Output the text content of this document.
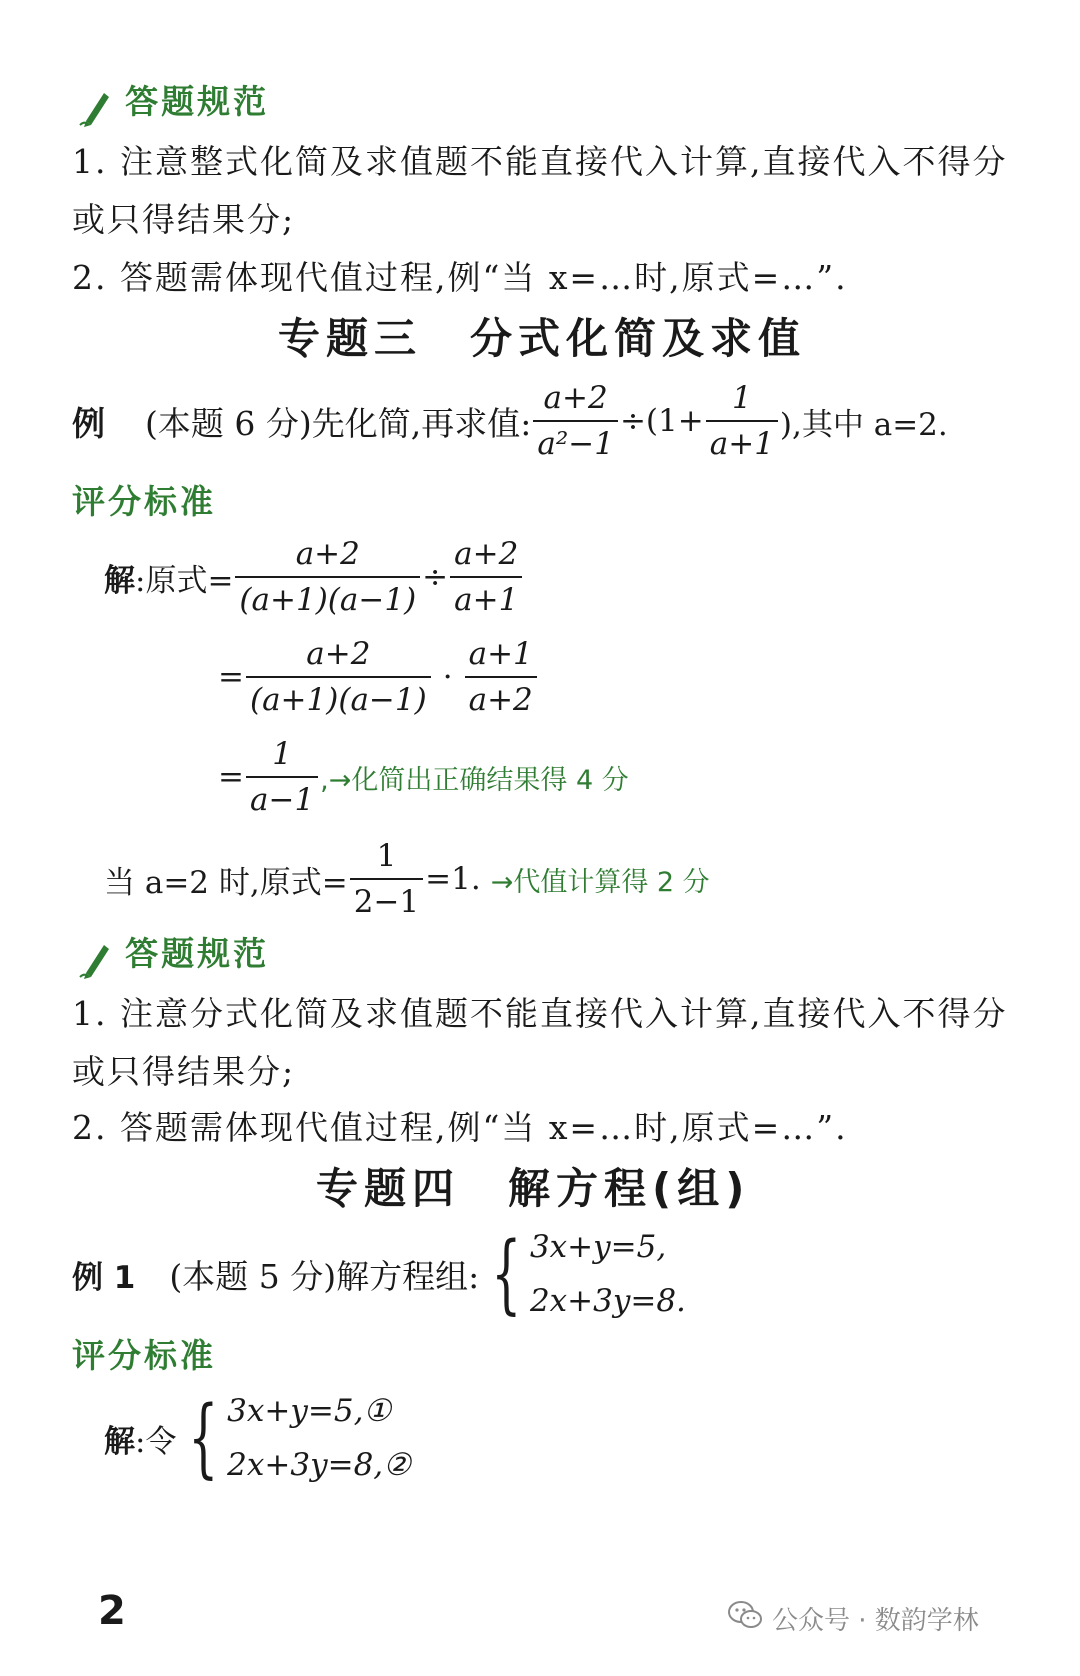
答题规范
1. 注意整式化简及求值题不能直接代入计算,直接代入不得分
或只得结果分;
2. 答题需体现代值过程,例“当 x=…时,原式=…”.
专题三　分式化简及求值
例 (本题 6 分)先化简,再求值: $\frac{a+2}{\text{a²−1}} \div(1+ \frac{1}{a+1}$ ),其中 a=2.
评分标准
解 :原式= $\frac{a+2}{(a+1)(a-1)} \div \frac{a+2}{a+1}$
= $\frac{a+2}{(a+1)(a-1)} \cdot \frac{a+1}{a+2}$
= $\frac{1}{a-1}$ ,→化简出正确结果得 4 分
当 a=2 时,原式= $\frac{1}{2-1} =1$. →代值计算得 2 分
答题规范
1. 注意分式化简及求值题不能直接代入计算,直接代入不得分
或只得结果分;
2. 答题需体现代值过程,例“当 x=…时,原式=…”.
专题四　解方程(组)
例 1 (本题 5 分)解方程组: { 3x+y=5,
2x+3y=8.
评分标准
解 :令 { 3x+y=5,①
2x+3y=8,②
2	公众号 · 数韵学林
